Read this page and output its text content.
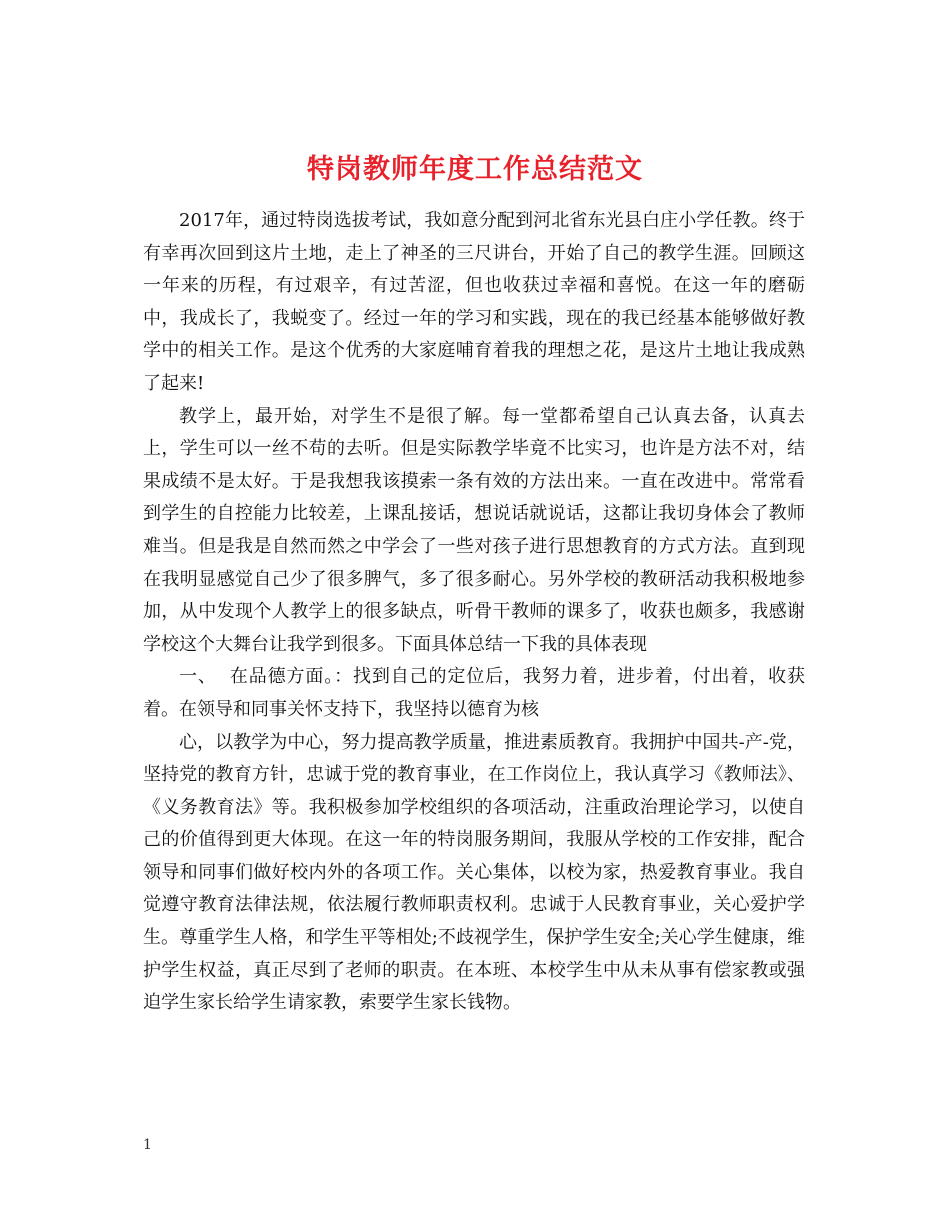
特岗教师年度工作总结范文

2017年，通过特岗选拔考试，我如意分配到河北省东光县白庄小学任教。终于有幸再次回到这片土地，走上了神圣的三尺讲台，开始了自己的教学生涯。回顾这一年来的历程，有过艰辛，有过苦涩，但也收获过幸福和喜悦。在这一年的磨砺中，我成长了，我蜕变了。经过一年的学习和实践，现在的我已经基本能够做好教学中的相关工作。是这个优秀的大家庭哺育着我的理想之花，是这片土地让我成熟了起来!

教学上，最开始，对学生不是很了解。每一堂都希望自己认真去备，认真去上，学生可以一丝不苟的去听。但是实际教学毕竟不比实习，也许是方法不对，结果成绩不是太好。于是我想我该摸索一条有效的方法出来。一直在改进中。常常看到学生的自控能力比较差，上课乱接话，想说话就说话，这都让我切身体会了教师难当。但是我是自然而然之中学会了一些对孩子进行思想教育的方式方法。直到现在我明显感觉自己少了很多脾气，多了很多耐心。另外学校的教研活动我积极地参加，从中发现个人教学上的很多缺点，听骨干教师的课多了，收获也颇多，我感谢学校这个大舞台让我学到很多。下面具体总结一下我的具体表现

一、  在品德方面。：找到自己的定位后，我努力着，进步着，付出着，收获着。在领导和同事关怀支持下，我坚持以德育为核

心，以教学为中心，努力提高教学质量，推进素质教育。我拥护中国共-产-党，坚持党的教育方针，忠诚于党的教育事业，在工作岗位上，我认真学习《教师法》、《义务教育法》等。我积极参加学校组织的各项活动，注重政治理论学习，以使自己的价值得到更大体现。在这一年的特岗服务期间，我服从学校的工作安排，配合领导和同事们做好校内外的各项工作。关心集体，以校为家，热爱教育事业。我自觉遵守教育法律法规，依法履行教师职责权利。忠诚于人民教育事业，关心爱护学生。尊重学生人格，和学生平等相处;不歧视学生，保护学生安全;关心学生健康，维护学生权益，真正尽到了老师的职责。在本班、本校学生中从未从事有偿家教或强迫学生家长给学生请家教，索要学生家长钱物。

1
